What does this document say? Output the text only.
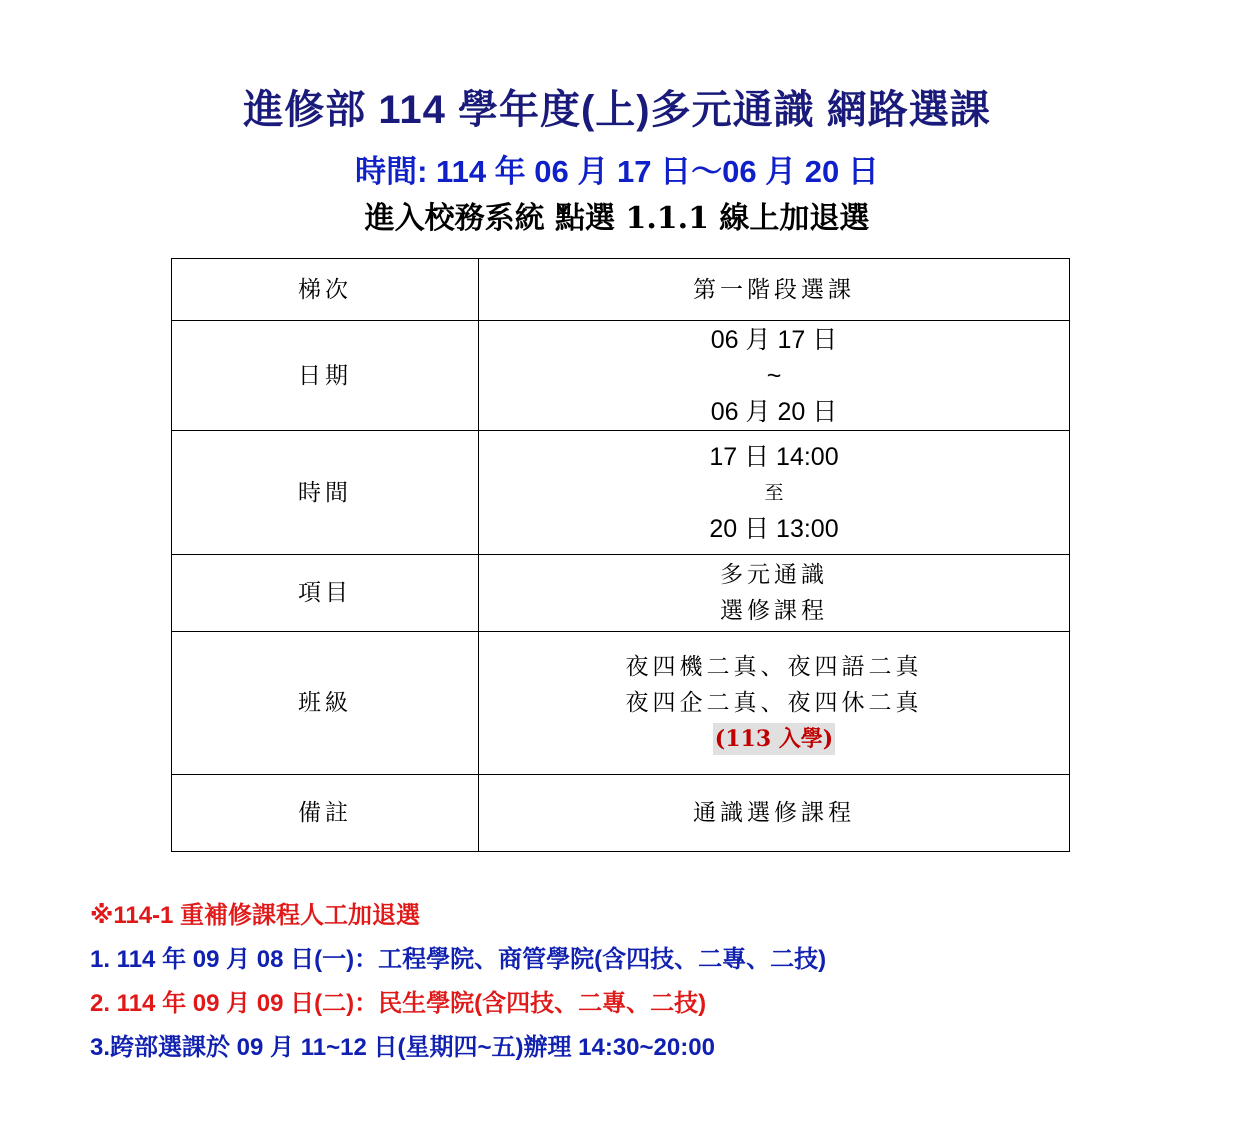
進修部 114 學年度(上)多元通識 網路選課
時間: 114 年 06 月 17 日～06 月 20 日
進入校務系統 點選 1.1.1 線上加退選
梯次	第一階段選課

日期	06 月 17 日
~
06 月 20 日

時間	17 日 14:00
至
20 日 13:00

項目	多元通識
選修課程

班級	夜四機二真、夜四語二真
夜四企二真、夜四休二真
(113 入學)

備註	通識選修課程
※114-1 重補修課程人工加退選
1. 114 年 09 月 08 日(一)：工程學院、商管學院(含四技、二專、二技)
2. 114 年 09 月 09 日(二)：民生學院(含四技、二專、二技)
3.跨部選課於 09 月 11~12 日(星期四~五)辦理 14:30~20:00
